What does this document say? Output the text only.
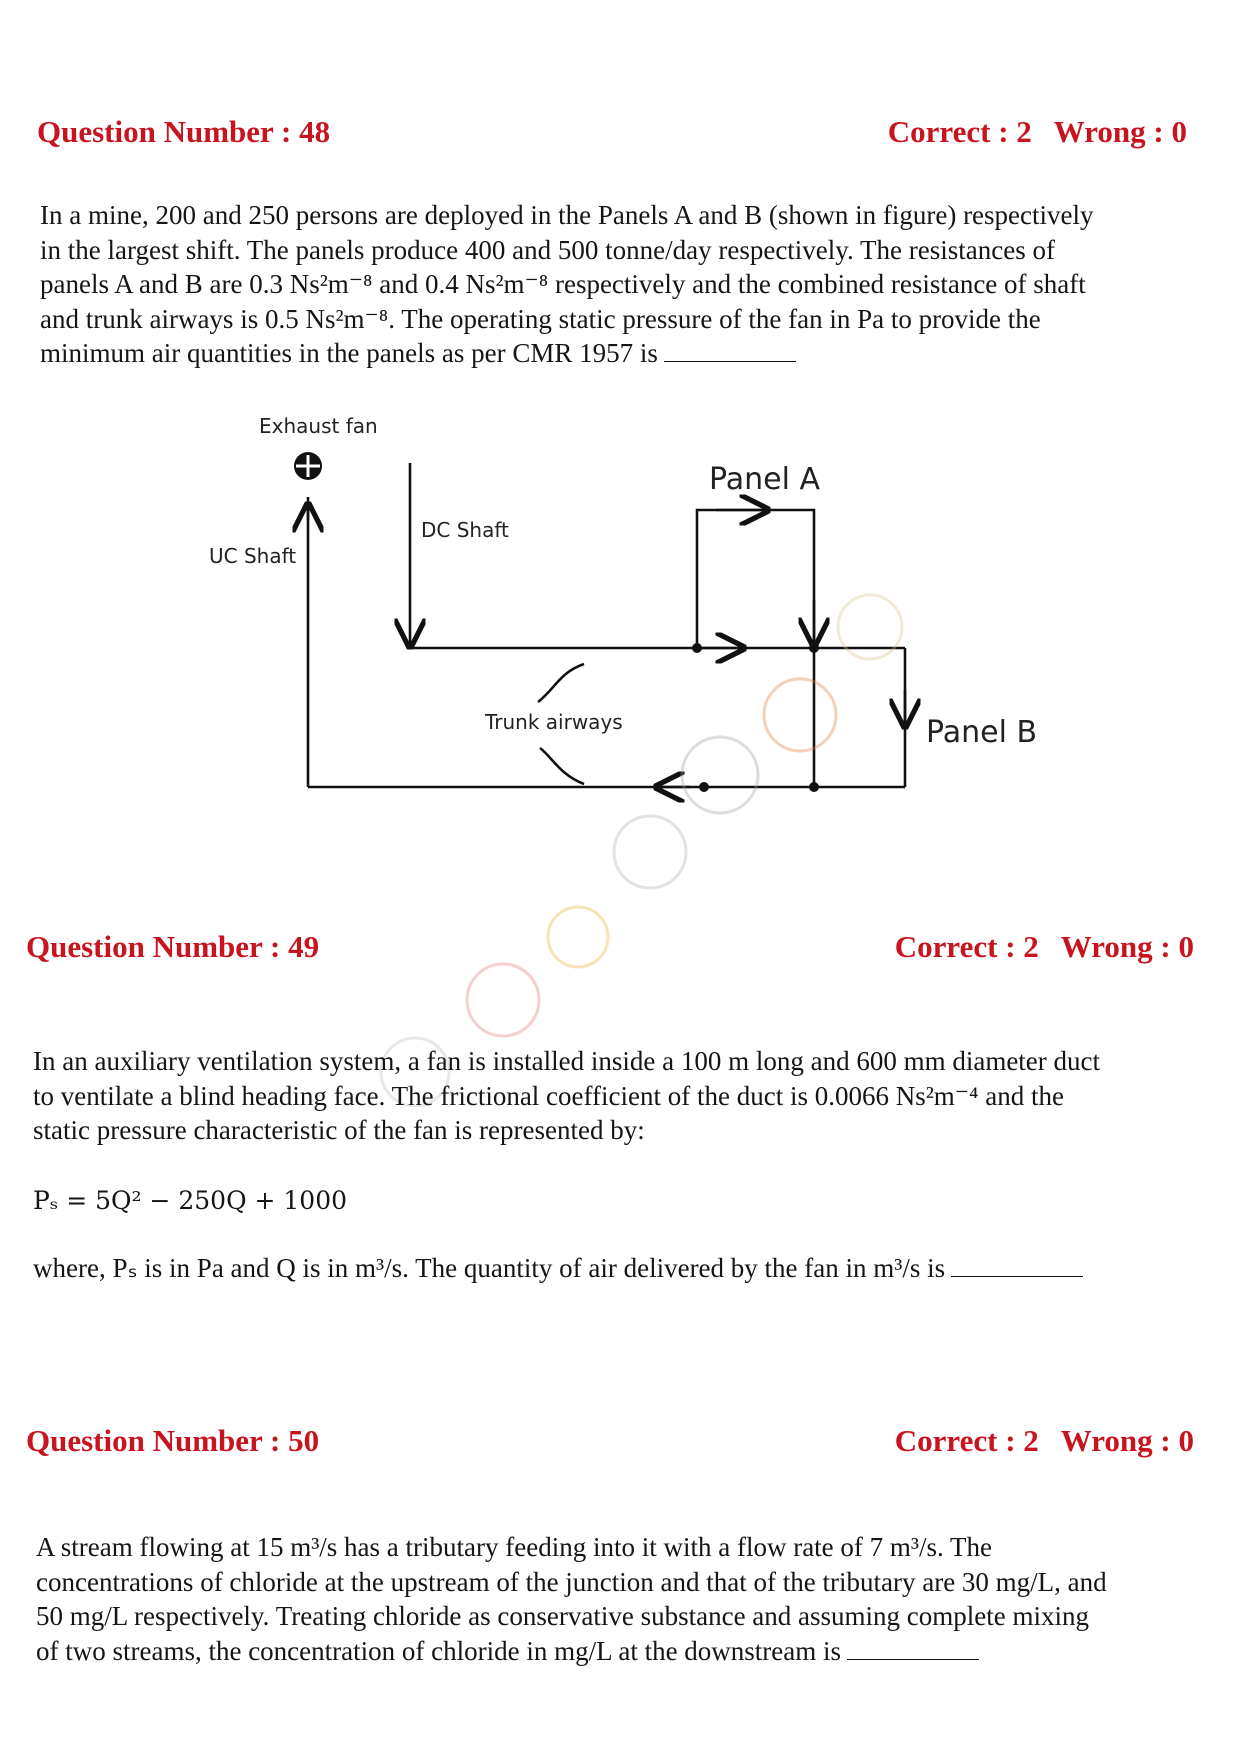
Question Number : 48	Correct : 2 Wrong : 0
In a mine, 200 and 250 persons are deployed in the Panels A and B (shown in figure) respectively
in the largest shift. The panels produce 400 and 500 tonne/day respectively. The resistances of
panels A and B are 0.3 Ns²m⁻⁸ and 0.4 Ns²m⁻⁸ respectively and the combined resistance of shaft
and trunk airways is 0.5 Ns²m⁻⁸. The operating static pressure of the fan in Pa to provide the
minimum air quantities in the panels as per CMR 1957 is
Exhaust fan
UC Shaft
DC Shaft
Panel A
Panel B
Trunk airways
Question Number : 49	Correct : 2 Wrong : 0
In an auxiliary ventilation system, a fan is installed inside a 100 m long and 600 mm diameter duct
to ventilate a blind heading face. The frictional coefficient of the duct is 0.0066 Ns²m⁻⁴ and the
static pressure characteristic of the fan is represented by:
Pₛ = 5Q² − 250Q + 1000
where, Pₛ is in Pa and Q is in m³/s. The quantity of air delivered by the fan in m³/s is
Question Number : 50	Correct : 2 Wrong : 0
A stream flowing at 15 m³/s has a tributary feeding into it with a flow rate of 7 m³/s. The
concentrations of chloride at the upstream of the junction and that of the tributary are 30 mg/L, and
50 mg/L respectively. Treating chloride as conservative substance and assuming complete mixing
of two streams, the concentration of chloride in mg/L at the downstream is
